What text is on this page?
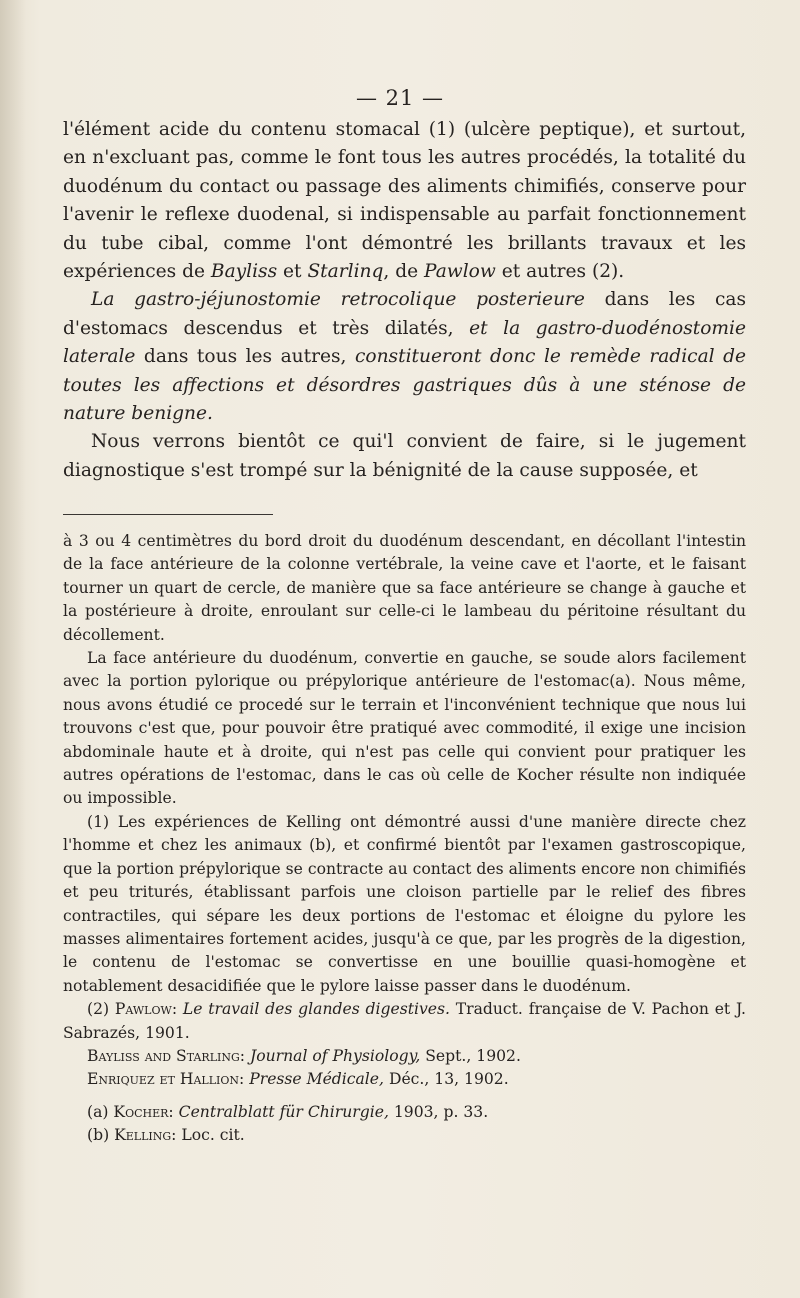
— 21 —

l'élément acide du contenu stomacal (1) (ulcère peptique), et surtout, en n'excluant pas, comme le font tous les autres procédés, la totalité du duodénum du contact ou passage des aliments chimifiés, conserve pour l'avenir le reflexe duodenal, si indispensable au parfait fonctionnement du tube cibal, comme l'ont démontré les brillants travaux et les expériences de Bayliss et Starlinq, de Pawlow et autres (2).

La gastro-jéjunostomie retrocolique posterieure dans les cas d'estomacs descendus et très dilatés, et la gastro-duodénostomie laterale dans tous les autres, constitueront donc le remède radical de toutes les affections et désordres gastriques dûs à une sténose de nature benigne.

Nous verrons bientôt ce qui'l convient de faire, si le jugement diagnostique s'est trompé sur la bénignité de la cause supposée, et

à 3 ou 4 centimètres du bord droit du duodénum descendant, en décollant l'intestin de la face antérieure de la colonne vertébrale, la veine cave et l'aorte, et le faisant tourner un quart de cercle, de manière que sa face antérieure se change à gauche et la postérieure à droite, enroulant sur celle-ci le lambeau du péritoine résultant du décollement.

La face antérieure du duodénum, convertie en gauche, se soude alors facilement avec la portion pylorique ou prépylorique antérieure de l'estomac(a). Nous même, nous avons étudié ce procedé sur le terrain et l'inconvénient technique que nous lui trouvons c'est que, pour pouvoir être pratiqué avec commodité, il exige une incision abdominale haute et à droite, qui n'est pas celle qui convient pour pratiquer les autres opérations de l'estomac, dans le cas où celle de Kocher résulte non indiquée ou impossible.

(1) Les expériences de Kelling ont démontré aussi d'une manière directe chez l'homme et chez les animaux (b), et confirmé bientôt par l'examen gastroscopique, que la portion prépylorique se contracte au contact des aliments encore non chimifiés et peu triturés, établissant parfois une cloison partielle par le relief des fibres contractiles, qui sépare les deux portions de l'estomac et éloigne du pylore les masses alimentaires fortement acides, jusqu'à ce que, par les progrès de la digestion, le contenu de l'estomac se convertisse en une bouillie quasi-homogène et notablement desacidifiée que le pylore laisse passer dans le duodénum.

(2) Pawlow: Le travail des glandes digestives. Traduct. française de V. Pachon et J. Sabrazés, 1901.

Bayliss and Starling: Journal of Physiology, Sept., 1902.

Enriquez et Hallion: Presse Médicale, Déc., 13, 1902.

(a) Kocher: Centralblatt für Chirurgie, 1903, p. 33.

(b) Kelling: Loc. cit.
